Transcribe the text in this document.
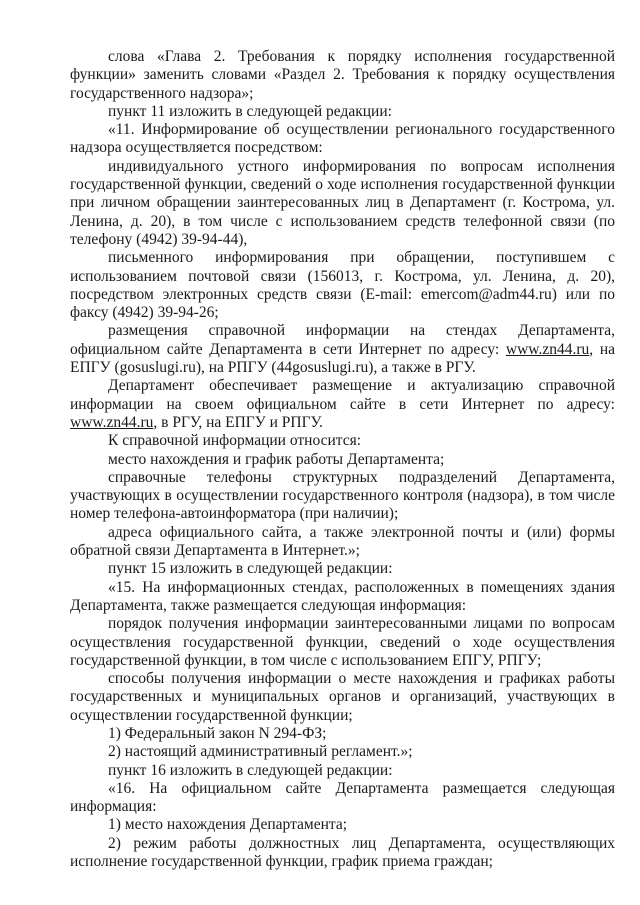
слова «Глава 2. Требования к порядку исполнения государственной функции» заменить словами «Раздел 2. Требования к порядку осуществления государственного надзора»;

пункт 11 изложить в следующей редакции:

«11. Информирование об осуществлении регионального государственного надзора осуществляется посредством:

индивидуального устного информирования по вопросам исполнения государственной функции, сведений о ходе исполнения государственной функции при личном обращении заинтересованных лиц в Департамент (г. Кострома, ул. Ленина, д. 20), в том числе с использованием средств телефонной связи (по телефону (4942) 39-94-44),

письменного информирования при обращении, поступившем с использованием почтовой связи (156013, г. Кострома, ул. Ленина, д. 20), посредством электронных средств связи (E-mail: emercom@adm44.ru) или по факсу (4942) 39-94-26;

размещения справочной информации на стендах Департамента, официальном сайте Департамента в сети Интернет по адресу: www.zn44.ru, на ЕПГУ (gosuslugi.ru), на РПГУ (44gosuslugi.ru), а также в РГУ.

Департамент обеспечивает размещение и актуализацию справочной информации на своем официальном сайте в сети Интернет по адресу: www.zn44.ru, в РГУ, на ЕПГУ и РПГУ.

К справочной информации относится:

место нахождения и график работы Департамента;

справочные телефоны структурных подразделений Департамента, участвующих в осуществлении государственного контроля (надзора), в том числе номер телефона-автоинформатора (при наличии);

адреса официального сайта, а также электронной почты и (или) формы обратной связи Департамента в Интернет.»;

пункт 15 изложить в следующей редакции:

«15. На информационных стендах, расположенных в помещениях здания Департамента, также размещается следующая информация:

порядок получения информации заинтересованными лицами по вопросам осуществления государственной функции, сведений о ходе осуществления государственной функции, в том числе с использованием ЕПГУ, РПГУ;

способы получения информации о месте нахождения и графиках работы государственных и муниципальных органов и организаций, участвующих в осуществлении государственной функции;

1) Федеральный закон N 294-ФЗ;

2) настоящий административный регламент.»;

пункт 16 изложить в следующей редакции:

«16. На официальном сайте Департамента размещается следующая информация:

1) место нахождения Департамента;

2) режим работы должностных лиц Департамента, осуществляющих исполнение государственной функции, график приема граждан;
